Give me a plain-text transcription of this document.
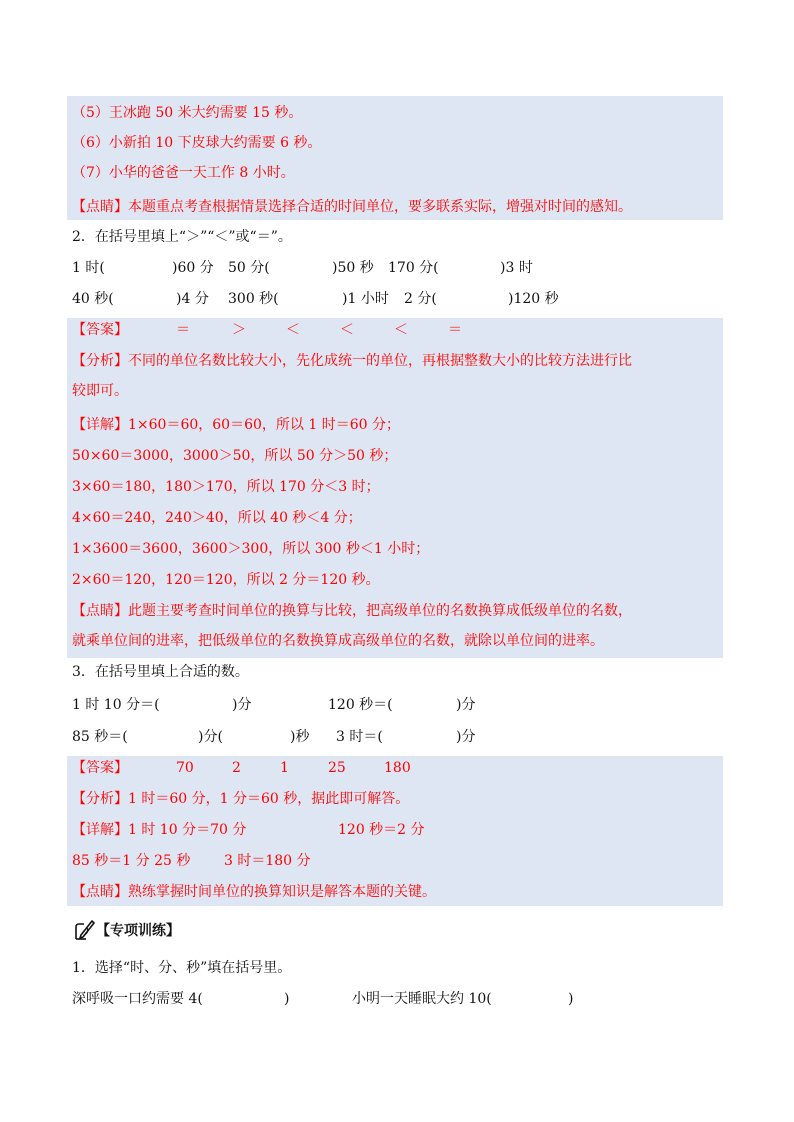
（5）王冰跑 50 米大约需要 15 秒。
（6）小新拍 10 下皮球大约需要 6 秒。
（7）小华的爸爸一天工作 8 小时。
【点睛】本题重点考查根据情景选择合适的时间单位，要多联系实际，增强对时间的感知。
2．在括号里填上“＞”“＜”或“＝”。
1 时(	)60 分 50 分(	)50 秒 170 分(	)3 时
40 秒(	)4 分 300 秒(	)1 小时 2 分(	)120 秒
【答案】	＝	＞	＜	＜	＜	＝
【分析】不同的单位名数比较大小，先化成统一的单位，再根据整数大小的比较方法进行比
较即可。
【详解】1×60＝60，60＝60，所以 1 时＝60 分；
50×60＝3000，3000＞50，所以 50 分＞50 秒；
3×60＝180，180＞170，所以 170 分＜3 时；
4×60＝240，240＞40，所以 40 秒＜4 分；
1×3600＝3600，3600＞300，所以 300 秒＜1 小时；
2×60＝120，120＝120，所以 2 分＝120 秒。
【点睛】此题主要考查时间单位的换算与比较，把高级单位的名数换算成低级单位的名数，
就乘单位间的进率，把低级单位的名数换算成高级单位的名数，就除以单位间的进率。
3．在括号里填上合适的数。
1 时 10 分＝(	)分	120 秒＝(	)分
85 秒＝(	)分(	)秒 3 时＝(	)分
【答案】	70	2	1	25	180
【分析】1 时＝60 分，1 分＝60 秒，据此即可解答。
【详解】1 时 10 分＝70 分	120 秒＝2 分
85 秒＝1 分 25 秒 3 时＝180 分
【点睛】熟练掌握时间单位的换算知识是解答本题的关键。
【专项训练】
1．选择“时、分、秒”填在括号里。
深呼吸一口约需要 4(	)	小明一天睡眠大约 10(	)
